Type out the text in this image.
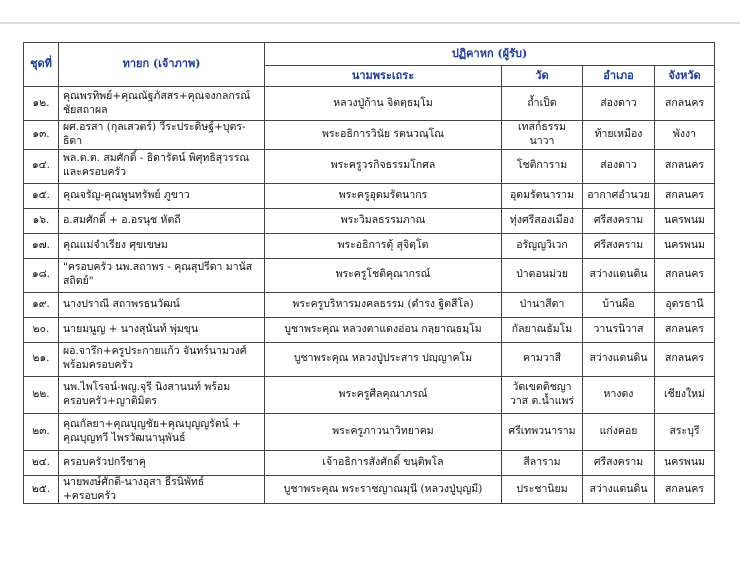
ชุดที่	ทายก (เจ้าภาพ)	ปฏิคาหก (ผู้รับ)			
		นามพระเถระ	วัด	อำเภอ	จังหวัด
๑๒.	คุณพรทิพย์+คุณณัฐภัสสร+คุณจงกลกรณ์ ชัยสถาผล	หลวงปู่ก้าน จิตตฺธมฺโม	ถ้ำเป็ด	ส่องดาว	สกลนคร
๑๓.	ผศ.อรสา (กุลเสวตร์) วีระประดิษฐ์+บุตร-ธิดา	พระอธิการวินัย รตนวณฺโณ	เทสก์ธรรมนาวา	ท้ายเหมือง	พังงา
๑๔.	พล.ต.ต. สมศักดิ์ - ธิดารัตน์ พิศุทธิสุวรรณ และครอบครัว	พระครูวรกิจธรรมโกศล	โชติการาม	ส่องดาว	สกลนคร
๑๕.	คุณจรัญ-คุณพูนทรัพย์ ภูขาว	พระครูอุดมรัตนากร	อุดมรัตนาราม	อากาศอำนวย	สกลนคร
๑๖.	อ.สมศักดิ์ + อ.อรนุช หัตถี	พระวิมลธรรมภาณ	ทุ่งศรีสองเมือง	ศรีสงคราม	นครพนม
๑๗.	คุณแม่จำเรียง ศุขเขษม	พระอธิการตุ้ สุจิตฺโต	อรัญญวิเวก	ศรีสงคราม	นครพนม
๑๘.	"ครอบครัว นพ.สถาพร - คุณสุปรีดา มานัสสถิตย์"	พระครูโชติคุณากรณ์	ป่าดอนม่วย	สว่างแดนดิน	สกลนคร
๑๙.	นางปราณี สถาพรธนวัฒน์	พระครูบริหารมงคลธรรม (ดำรง ฐิตสีโล)	ป่านาสีดา	บ้านผือ	อุดรธานี
๒๐.	นายมนูญ + นางสุนันท์ พุ่มขุน	บูชาพระคุณ หลวงตาแดงอ่อน กลฺยาณธมฺโม	กัลยาณธัมโม	วานรนิวาส	สกลนคร
๒๑.	ผอ.จารึก+ครูประกายแก้ว จันทร์นามวงศ์ พร้อมครอบครัว	บูชาพระคุณ หลวงปู่ประสาร ปญฺญาคโม	คามวาสี	สว่างแดนดิน	สกลนคร
๒๒.	นพ.ไพโรจน์-พญ.จุรี นิงสานนท์ พร้อมครอบครัว+ญาติมิตร	พระครูศีลคุณาภรณ์	วัดเขตติชญาวาส ต.น้ำแพร่	หางดง	เชียงใหม่
๒๓.	คุณกัลยา+คุณบุญชัย+คุณบุญญรัตน์ + คุณบุญทวี ไพรวัฒนานุพันธ์	พระครูภาวนาวิทยาคม	ศรีเทพวนาราม	แก่งคอย	สระบุรี
๒๔.	ครอบครัวปกรีชาคุ	เจ้าอธิการสังศักดิ์ ขนฺติพโล	สีลาราม	ศรีสงคราม	นครพนม
๒๕.	นายพงษ์ศักดิ์-นางอุสา ธีรนิพัทธ์ +ครอบครัว	บูชาพระคุณ พระราชญาณมุนี (หลวงปู่บุญมี)	ประชานิยม	สว่างแดนดิน	สกลนคร
